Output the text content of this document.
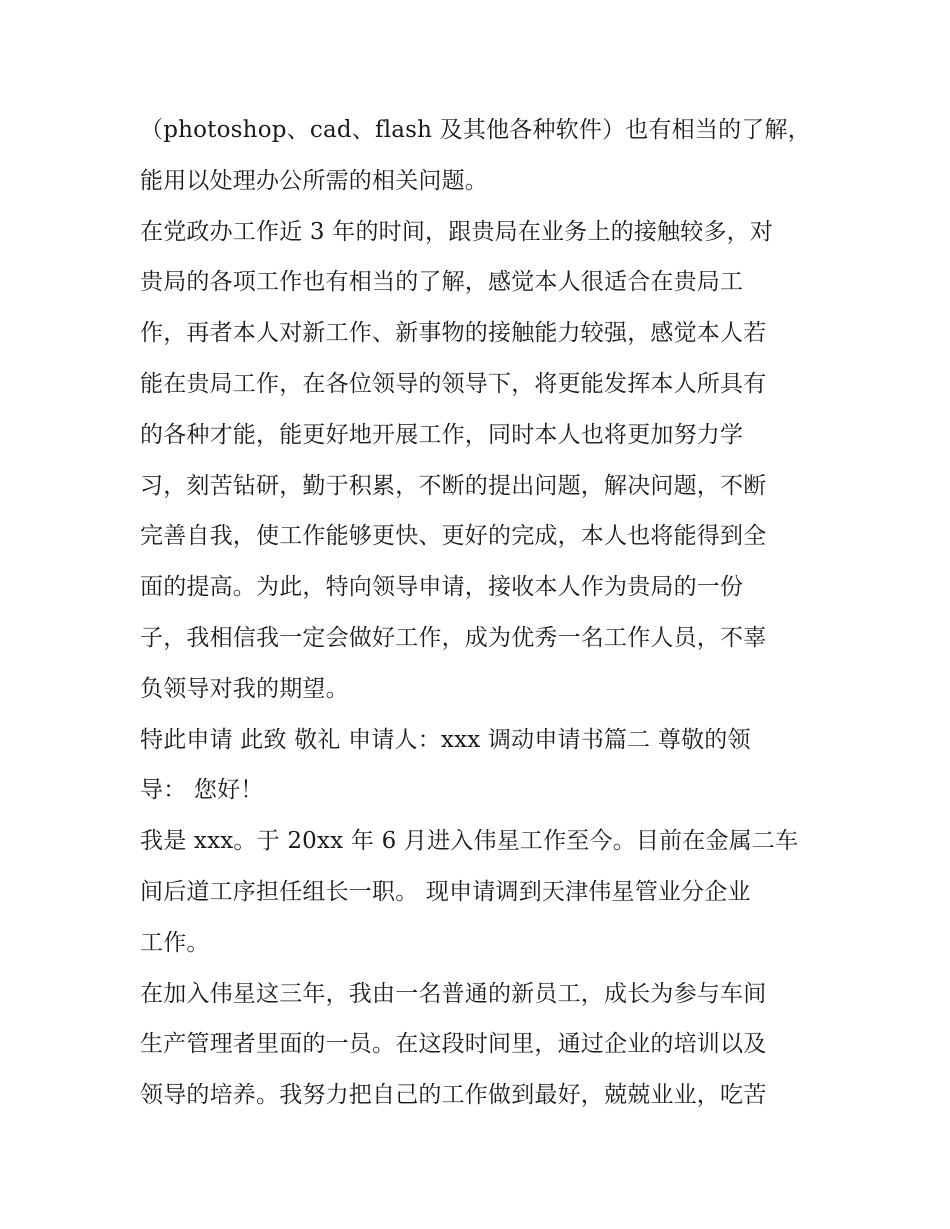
（photoshop、cad、flash 及其他各种软件）也有相当的了解，
能用以处理办公所需的相关问题。

在党政办工作近 3 年的时间，跟贵局在业务上的接触较多，对
贵局的各项工作也有相当的了解，感觉本人很适合在贵局工
作，再者本人对新工作、新事物的接触能力较强，感觉本人若
能在贵局工作，在各位领导的领导下，将更能发挥本人所具有
的各种才能，能更好地开展工作，同时本人也将更加努力学
习，刻苦钻研，勤于积累，不断的提出问题，解决问题，不断
完善自我，使工作能够更快、更好的完成，本人也将能得到全
面的提高。为此，特向领导申请，接收本人作为贵局的一份
子，我相信我一定会做好工作，成为优秀一名工作人员，不辜
负领导对我的期望。

特此申请 此致 敬礼 申请人：xxx 调动申请书篇二 尊敬的领
导： 您好！

我是 xxx。于 20xx 年 6 月进入伟星工作至今。目前在金属二车
间后道工序担任组长一职。 现申请调到天津伟星管业分企业
工作。

在加入伟星这三年，我由一名普通的新员工，成长为参与车间
生产管理者里面的一员。在这段时间里，通过企业的培训以及
领导的培养。我努力把自己的工作做到最好，兢兢业业，吃苦
